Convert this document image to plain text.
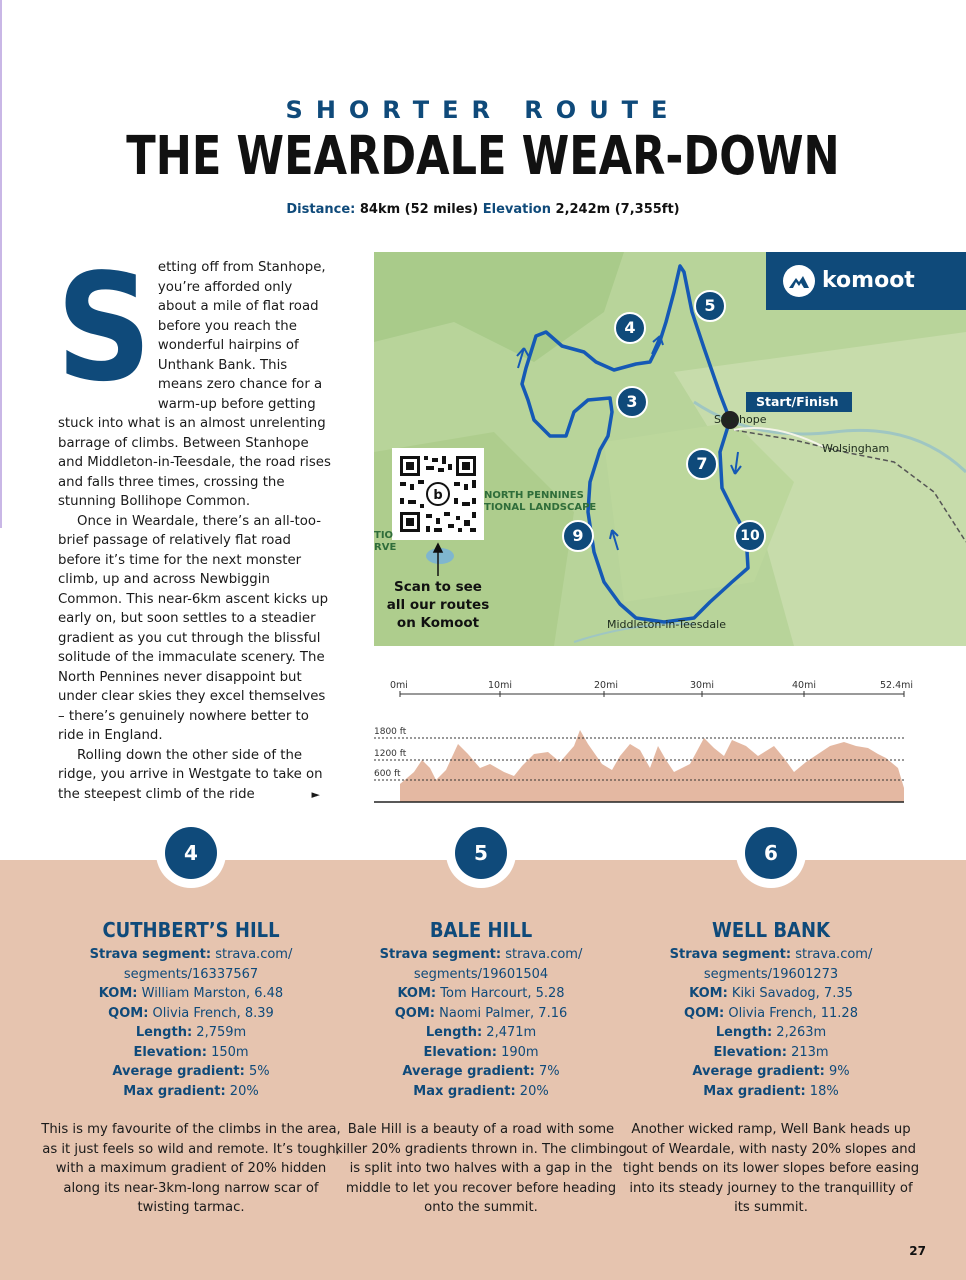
SHORTER ROUTE
THE WEARDALE WEAR-DOWN
Distance: 84km (52 miles) Elevation 2,242m (7,355ft)
S etting off from Stanhope, you’re afforded only about a mile of flat road before you reach the wonderful hairpins of Unthank Bank. This means zero chance for a warm-up before getting stuck into what is an almost unrelenting barrage of climbs. Between Stanhope and Middleton-in-Teesdale, the road rises and falls three times, crossing the stunning Bollihope Common.

Once in Weardale, there’s an all-too-brief passage of relatively flat road before it’s time for the next monster climb, up and across Newbiggin Common. This near-6km ascent kicks up early on, but soon settles to a steadier gradient as you cut through the blissful solitude of the immaculate scenery. The North Pennines never disappoint but under clear skies they excel themselves – there’s genuinely nowhere better to ride in England.

Rolling down the other side of the ridge, you arrive in Westgate to take on the steepest climb of the ride	►

komoot
b
Scan to see all our routes on Komoot
Start/Finish
Stanhope
Wolsingham
Middleton-in-Teesdale
NORTH PENNINES
TIONAL LANDSCAPE
TIO
RVE
4
5
3
7
9	10
0mi	10mi	20mi	30mi	40mi	52.4mi
1800 ft
1200 ft
600 ft
4
CUTHBERT’S HILL
Strava segment: strava.com/ segments/16337567
KOM: William Marston, 6.48
QOM: Olivia French, 8.39
Length: 2,759m
Elevation: 150m
Average gradient: 5%
Max gradient: 20%
This is my favourite of the climbs in the area, as it just feels so wild and remote. It’s tough, with a maximum gradient of 20% hidden along its near-3km-long narrow scar of twisting tarmac.
5
BALE HILL
Strava segment: strava.com/ segments/19601504
KOM: Tom Harcourt, 5.28
QOM: Naomi Palmer, 7.16
Length: 2,471m
Elevation: 190m
Average gradient: 7%
Max gradient: 20%
Bale Hill is a beauty of a road with some killer 20% gradients thrown in. The climbing is split into two halves with a gap in the middle to let you recover before heading onto the summit.
6
WELL BANK
Strava segment: strava.com/ segments/19601273
KOM: Kiki Savadog, 7.35
QOM: Olivia French, 11.28
Length: 2,263m
Elevation: 213m
Average gradient: 9%
Max gradient: 18%
Another wicked ramp, Well Bank heads up out of Weardale, with nasty 20% slopes and tight bends on its lower slopes before easing into its steady journey to the tranquillity of its summit.
27
